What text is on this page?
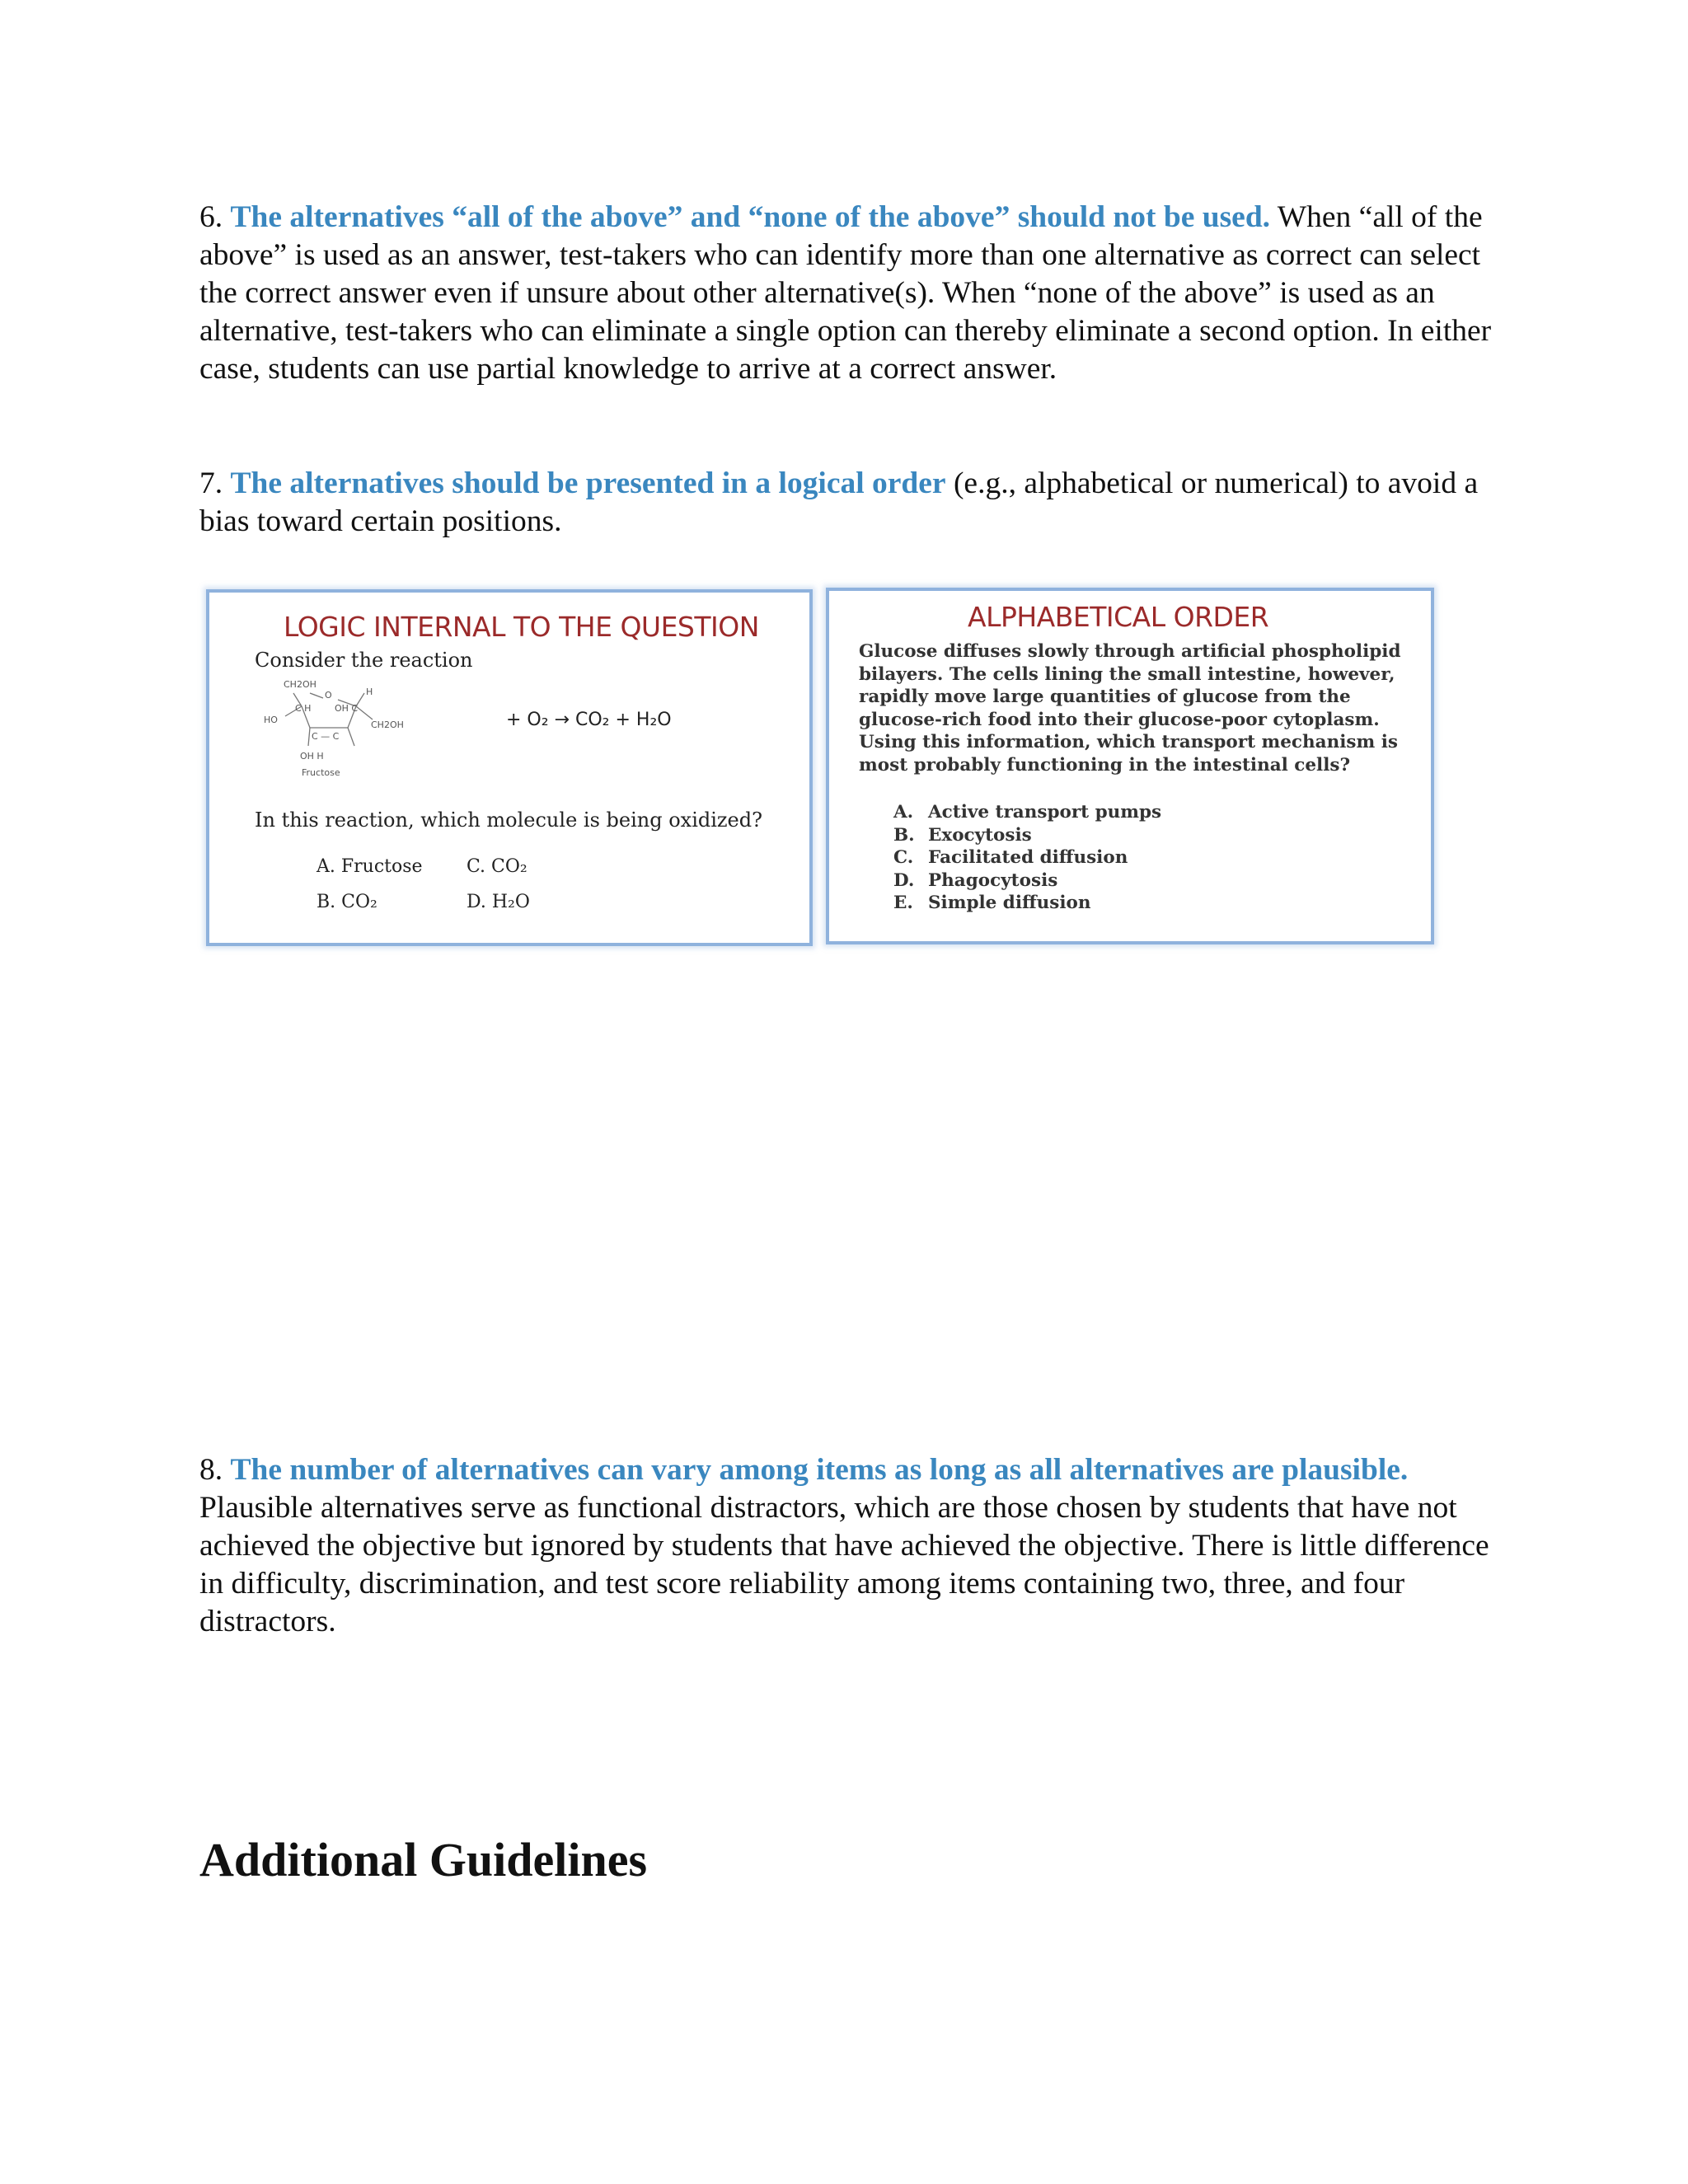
6. The alternatives “all of the above” and “none of the above” should not be used. When “all of the above” is used as an answer, test-takers who can identify more than one alternative as correct can select the correct answer even if unsure about other alternative(s). When “none of the above” is used as an alternative, test-takers who can eliminate a single option can thereby eliminate a second option. In either case, students can use partial knowledge to arrive at a correct answer.

7. The alternatives should be presented in a logical order (e.g., alphabetical or numerical) to avoid a bias toward certain positions.

LOGIC INTERNAL TO THE QUESTION

Consider the reaction

CH2OH
O	H
C H	OH C
HO	CH2OH
C — C
OH H
Fructose
+ O₂ → CO₂ + H₂O

In this reaction, which molecule is being oxidized?

A. Fructose C. CO₂
B. CO₂	D. H₂O

ALPHABETICAL ORDER

Glucose diffuses slowly through artificial phospholipid bilayers. The cells lining the small intestine, however, rapidly move large quantities of glucose from the glucose-rich food into their glucose-poor cytoplasm. Using this information, which transport mechanism is most probably functioning in the intestinal cells?

A. Active transport pumps
B. Exocytosis
C. Facilitated diffusion
D. Phagocytosis
E. Simple diffusion

8. The number of alternatives can vary among items as long as all alternatives are plausible. Plausible alternatives serve as functional distractors, which are those chosen by students that have not achieved the objective but ignored by students that have achieved the objective. There is little difference in difficulty, discrimination, and test score reliability among items containing two, three, and four distractors.

Additional Guidelines
